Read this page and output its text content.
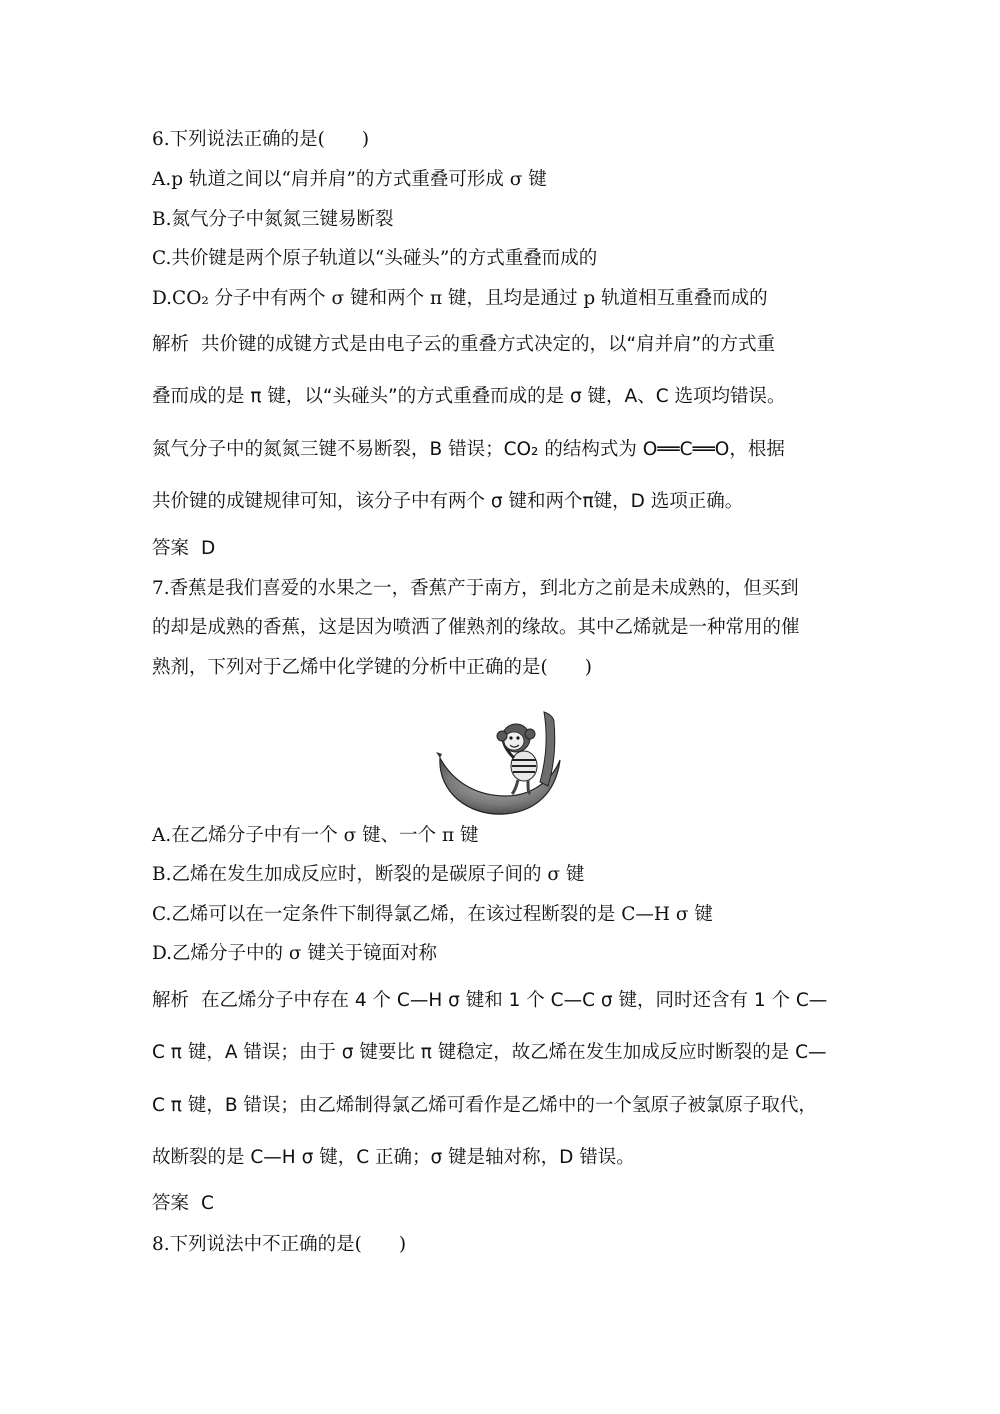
6.下列说法正确的是(　　)
A.p 轨道之间以“肩并肩”的方式重叠可形成 σ 键
B.氮气分子中氮氮三键易断裂
C.共价键是两个原子轨道以“头碰头”的方式重叠而成的
D.CO₂ 分子中有两个 σ 键和两个 π 键，且均是通过 p 轨道相互重叠而成的
解析 共价键的成键方式是由电子云的重叠方式决定的，以“肩并肩”的方式重
叠而成的是 π 键，以“头碰头”的方式重叠而成的是 σ 键，A、C 选项均错误。
氮气分子中的氮氮三键不易断裂，B 错误；CO₂ 的结构式为 O══C══O，根据
共价键的成键规律可知，该分子中有两个 σ 键和两个π键，D 选项正确。
答案 D
7.香蕉是我们喜爱的水果之一，香蕉产于南方，到北方之前是未成熟的，但买到
的却是成熟的香蕉，这是因为喷洒了催熟剂的缘故。其中乙烯就是一种常用的催
熟剂，下列对于乙烯中化学键的分析中正确的是(　　)
A.在乙烯分子中有一个 σ 键、一个 π 键
B.乙烯在发生加成反应时，断裂的是碳原子间的 σ 键
C.乙烯可以在一定条件下制得氯乙烯，在该过程断裂的是 C—H σ 键
D.乙烯分子中的 σ 键关于镜面对称
解析 在乙烯分子中存在 4 个 C—H σ 键和 1 个 C—C σ 键，同时还含有 1 个 C—
C π 键，A 错误；由于 σ 键要比 π 键稳定，故乙烯在发生加成反应时断裂的是 C—
C π 键，B 错误；由乙烯制得氯乙烯可看作是乙烯中的一个氢原子被氯原子取代，
故断裂的是 C—H σ 键，C 正确；σ 键是轴对称，D 错误。
答案 C
8.下列说法中不正确的是(　　)
